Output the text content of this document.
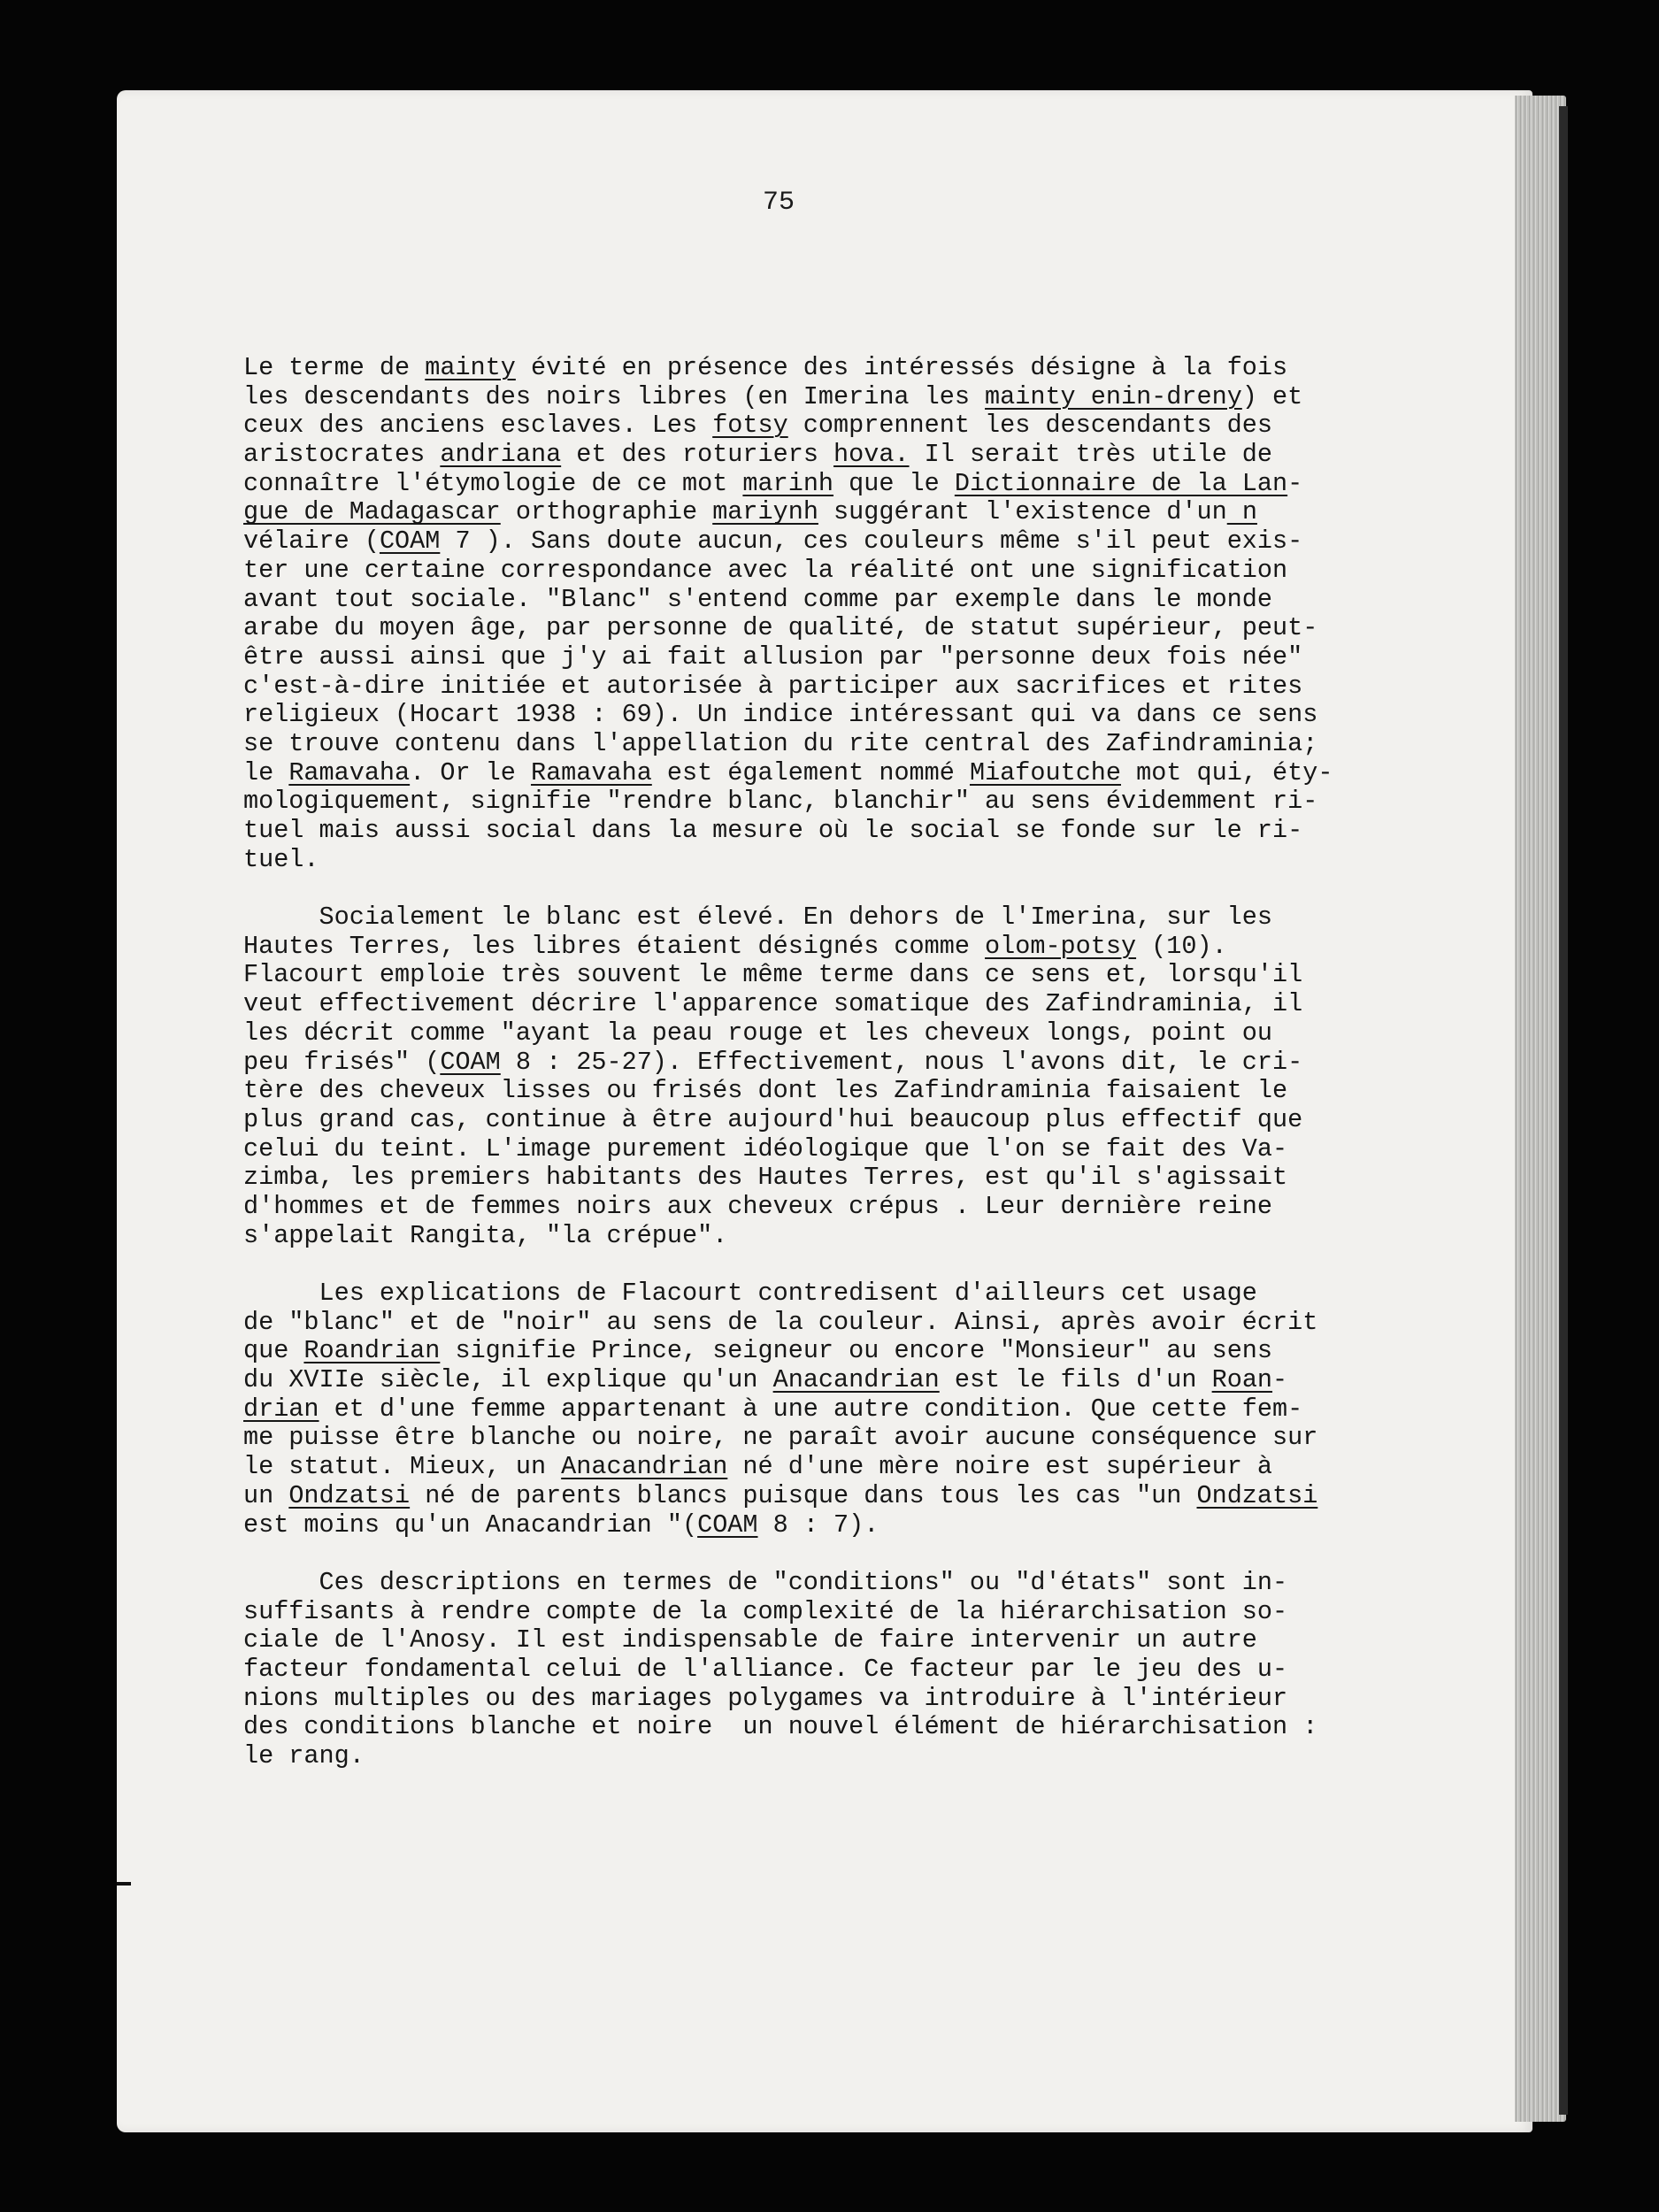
75
Le terme de mainty évité en présence des intéressés désigne à la fois
les descendants des noirs libres (en Imerina les mainty enin-dreny) et
ceux des anciens esclaves. Les fotsy comprennent les descendants des
aristocrates andriana et des roturiers hova. Il serait très utile de
connaître l'étymologie de ce mot marinh que le Dictionnaire de la Lan-
gue de Madagascar orthographie mariynh suggérant l'existence d'un n
vélaire (COAM 7 ). Sans doute aucun, ces couleurs même s'il peut exis-
ter une certaine correspondance avec la réalité ont une signification
avant tout sociale. "Blanc" s'entend comme par exemple dans le monde
arabe du moyen âge, par personne de qualité, de statut supérieur, peut-
être aussi ainsi que j'y ai fait allusion par "personne deux fois née"
c'est-à-dire initiée et autorisée à participer aux sacrifices et rites
religieux (Hocart 1938 : 69). Un indice intéressant qui va dans ce sens
se trouve contenu dans l'appellation du rite central des Zafindraminia;
le Ramavaha. Or le Ramavaha est également nommé Miafoutche mot qui, éty-
mologiquement, signifie "rendre blanc, blanchir" au sens évidemment ri-
tuel mais aussi social dans la mesure où le social se fonde sur le ri-
tuel.
Socialement le blanc est élevé. En dehors de l'Imerina, sur les
Hautes Terres, les libres étaient désignés comme olom-potsy (10).
Flacourt emploie très souvent le même terme dans ce sens et, lorsqu'il
veut effectivement décrire l'apparence somatique des Zafindraminia, il
les décrit comme "ayant la peau rouge et les cheveux longs, point ou
peu frisés" (COAM 8 : 25-27). Effectivement, nous l'avons dit, le cri-
tère des cheveux lisses ou frisés dont les Zafindraminia faisaient le
plus grand cas, continue à être aujourd'hui beaucoup plus effectif que
celui du teint. L'image purement idéologique que l'on se fait des Va-
zimba, les premiers habitants des Hautes Terres, est qu'il s'agissait
d'hommes et de femmes noirs aux cheveux crépus . Leur dernière reine
s'appelait Rangita, "la crépue".
Les explications de Flacourt contredisent d'ailleurs cet usage
de "blanc" et de "noir" au sens de la couleur. Ainsi, après avoir écrit
que Roandrian signifie Prince, seigneur ou encore "Monsieur" au sens
du XVIIe siècle, il explique qu'un Anacandrian est le fils d'un Roan-
drian et d'une femme appartenant à une autre condition. Que cette fem-
me puisse être blanche ou noire, ne paraît avoir aucune conséquence sur
le statut. Mieux, un Anacandrian né d'une mère noire est supérieur à
un Ondzatsi né de parents blancs puisque dans tous les cas "un Ondzatsi
est moins qu'un Anacandrian "(COAM 8 : 7).
Ces descriptions en termes de "conditions" ou "d'états" sont in-
suffisants à rendre compte de la complexité de la hiérarchisation so-
ciale de l'Anosy. Il est indispensable de faire intervenir un autre
facteur fondamental celui de l'alliance. Ce facteur par le jeu des u-
nions multiples ou des mariages polygames va introduire à l'intérieur
des conditions blanche et noire  un nouvel élément de hiérarchisation :
le rang.
